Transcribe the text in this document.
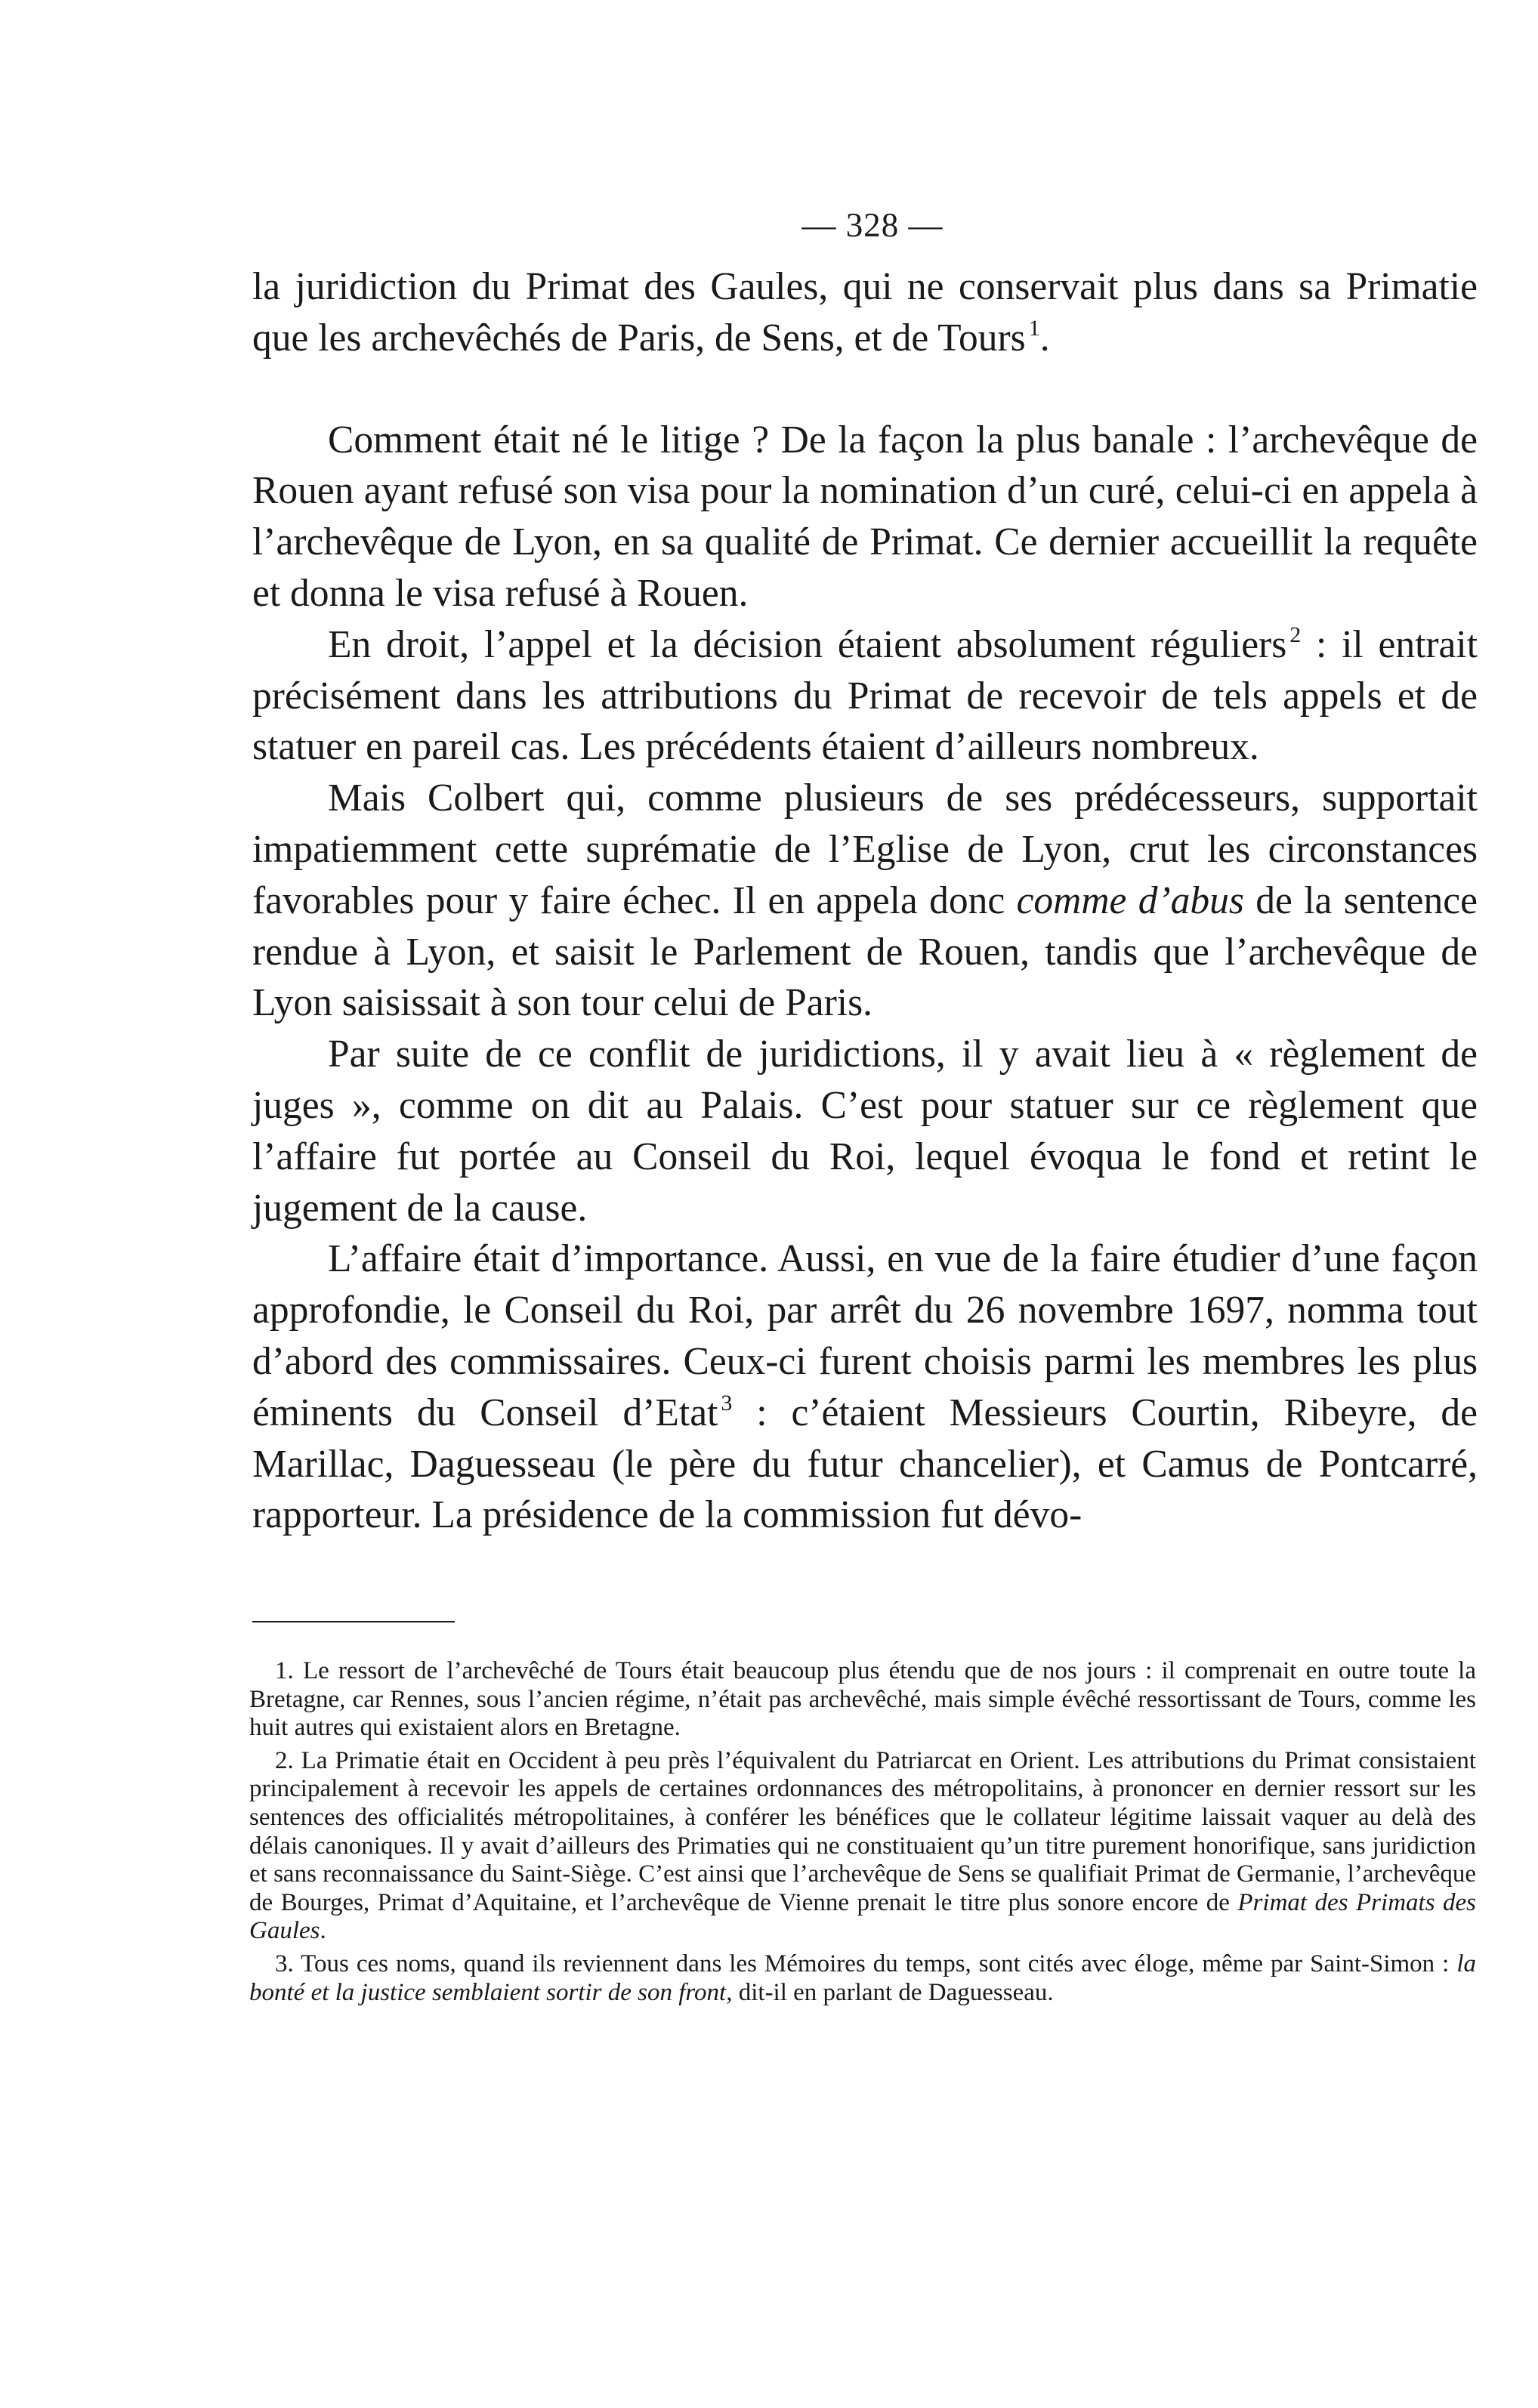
— 328 —

la juridiction du Primat des Gaules, qui ne conservait plus dans sa Primatie que les archevêchés de Paris, de Sens, et de Tours $^1$.

Comment était né le litige ? De la façon la plus banale : l’archevêque de Rouen ayant refusé son visa pour la nomination d’un curé, celui-ci en appela à l’archevêque de Lyon, en sa qualité de Primat. Ce dernier accueillit la requête et donna le visa refusé à Rouen.

En droit, l’appel et la décision étaient absolument réguliers $^2$ : il entrait précisément dans les attributions du Primat de recevoir de tels appels et de statuer en pareil cas. Les précédents étaient d’ailleurs nombreux.

Mais Colbert qui, comme plusieurs de ses prédécesseurs, supportait impatiemment cette suprématie de l’Eglise de Lyon, crut les circonstances favorables pour y faire échec. Il en appela donc comme d’abus de la sentence rendue à Lyon, et saisit le Parlement de Rouen, tandis que l’archevêque de Lyon saisissait à son tour celui de Paris.

Par suite de ce conflit de juridictions, il y avait lieu à « règlement de juges », comme on dit au Palais. C’est pour statuer sur ce règlement que l’affaire fut portée au Conseil du Roi, lequel évoqua le fond et retint le jugement de la cause.

L’affaire était d’importance. Aussi, en vue de la faire étudier d’une façon approfondie, le Conseil du Roi, par arrêt du 26 novembre 1697, nomma tout d’abord des commissaires. Ceux-ci furent choisis parmi les membres les plus éminents du Conseil d’Etat $^3$ : c’étaient Messieurs Courtin, Ribeyre, de Marillac, Daguesseau (le père du futur chancelier), et Camus de Pontcarré, rapporteur. La présidence de la commission fut dévo-

1. Le ressort de l’archevêché de Tours était beaucoup plus étendu que de nos jours : il comprenait en outre toute la Bretagne, car Rennes, sous l’ancien régime, n’était pas archevêché, mais simple évêché ressortissant de Tours, comme les huit autres qui existaient alors en Bretagne.

2. La Primatie était en Occident à peu près l’équivalent du Patriarcat en Orient. Les attributions du Primat consistaient principalement à recevoir les appels de certaines ordonnances des métropolitains, à prononcer en dernier ressort sur les sentences des officialités métropolitaines, à conférer les bénéfices que le collateur légitime laissait vaquer au delà des délais canoniques. Il y avait d’ailleurs des Primaties qui ne constituaient qu’un titre purement honorifique, sans juridiction et sans reconnaissance du Saint-Siège. C’est ainsi que l’archevêque de Sens se qualifiait Primat de Germanie, l’archevêque de Bourges, Primat d’Aquitaine, et l’archevêque de Vienne prenait le titre plus sonore encore de Primat des Primats des Gaules.

3. Tous ces noms, quand ils reviennent dans les Mémoires du temps, sont cités avec éloge, même par Saint-Simon : la bonté et la justice semblaient sortir de son front, dit-il en parlant de Daguesseau.
